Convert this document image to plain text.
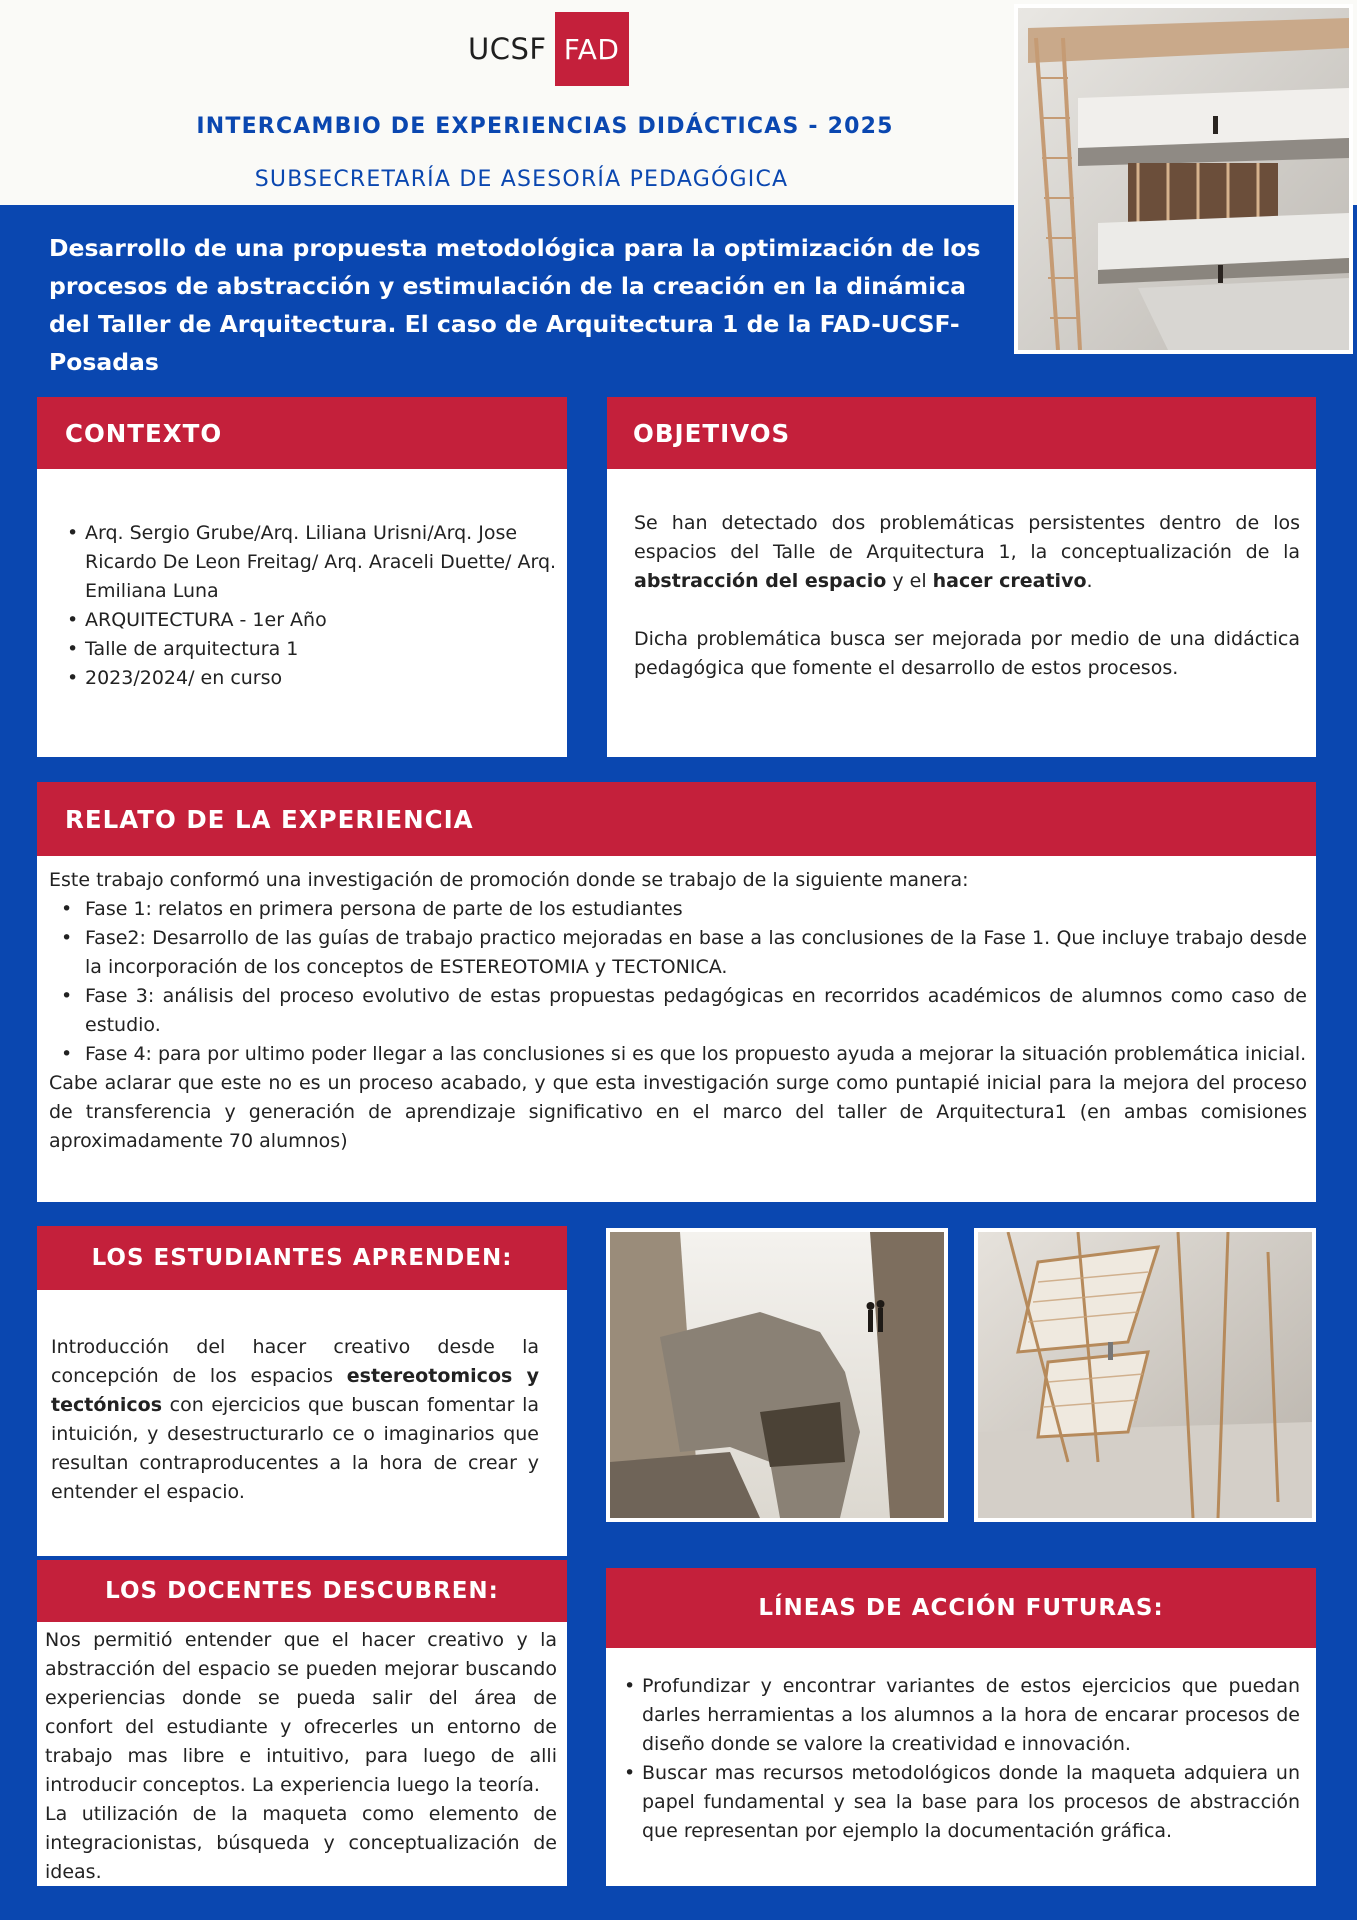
UCSF FAD
INTERCAMBIO DE EXPERIENCIAS DIDÁCTICAS - 2025
SUBSECRETARÍA DE ASESORÍA PEDAGÓGICA
Desarrollo de una propuesta metodológica para la optimización de los procesos de abstracción y estimulación de la creación en la dinámica del Taller de Arquitectura. El caso de Arquitectura 1 de la FAD-UCSF-Posadas
CONTEXTO
• Arq. Sergio Grube/Arq. Liliana Urisni/Arq. Jose Ricardo De Leon Freitag/ Arq. Araceli Duette/ Arq. Emiliana Luna
• ARQUITECTURA - 1er Año
• Talle de arquitectura 1
• 2023/2024/ en curso
OBJETIVOS

Se han detectado dos problemáticas persistentes dentro de los espacios del Talle de Arquitectura 1, la conceptualización de la abstracción del espacio y el hacer creativo.

Dicha problemática busca ser mejorada por medio de una didáctica pedagógica que fomente el desarrollo de estos procesos.

RELATO DE LA EXPERIENCIA

Este trabajo conformó una investigación de promoción donde se trabajo de la siguiente manera:

• Fase 1: relatos en primera persona de parte de los estudiantes
• Fase2: Desarrollo de las guías de trabajo practico mejoradas en base a las conclusiones de la Fase 1. Que incluye trabajo desde la incorporación de los conceptos de ESTEREOTOMIA y TECTONICA.
• Fase 3: análisis del proceso evolutivo de estas propuestas pedagógicas en recorridos académicos de alumnos como caso de estudio.
• Fase 4: para por ultimo poder llegar a las conclusiones si es que los propuesto ayuda a mejorar la situación problemática inicial.

Cabe aclarar que este no es un proceso acabado, y que esta investigación surge como puntapié inicial para la mejora del proceso de transferencia y generación de aprendizaje significativo en el marco del taller de Arquitectura1 (en ambas comisiones aproximadamente 70 alumnos)

LOS ESTUDIANTES APRENDEN:

Introducción del hacer creativo desde la concepción de los espacios estereotomicos y tectónicos con ejercicios que buscan fomentar la intuición, y desestructurarlo ce o imaginarios que resultan contraproducentes a la hora de crear y entender el espacio.

LOS DOCENTES DESCUBREN:

Nos permitió entender que el hacer creativo y la abstracción del espacio se pueden mejorar buscando experiencias donde se pueda salir del área de confort del estudiante y ofrecerles un entorno de trabajo mas libre e intuitivo, para luego de alli introducir conceptos. La experiencia luego la teoría.

La utilización de la maqueta como elemento de integracionistas, búsqueda y conceptualización de ideas.

LÍNEAS DE ACCIÓN FUTURAS:
• Profundizar y encontrar variantes de estos ejercicios que puedan darles herramientas a los alumnos a la hora de encarar procesos de diseño donde se valore la creatividad e innovación.
• Buscar mas recursos metodológicos donde la maqueta adquiera un papel fundamental y sea la base para los procesos de abstracción que representan por ejemplo la documentación gráfica.
